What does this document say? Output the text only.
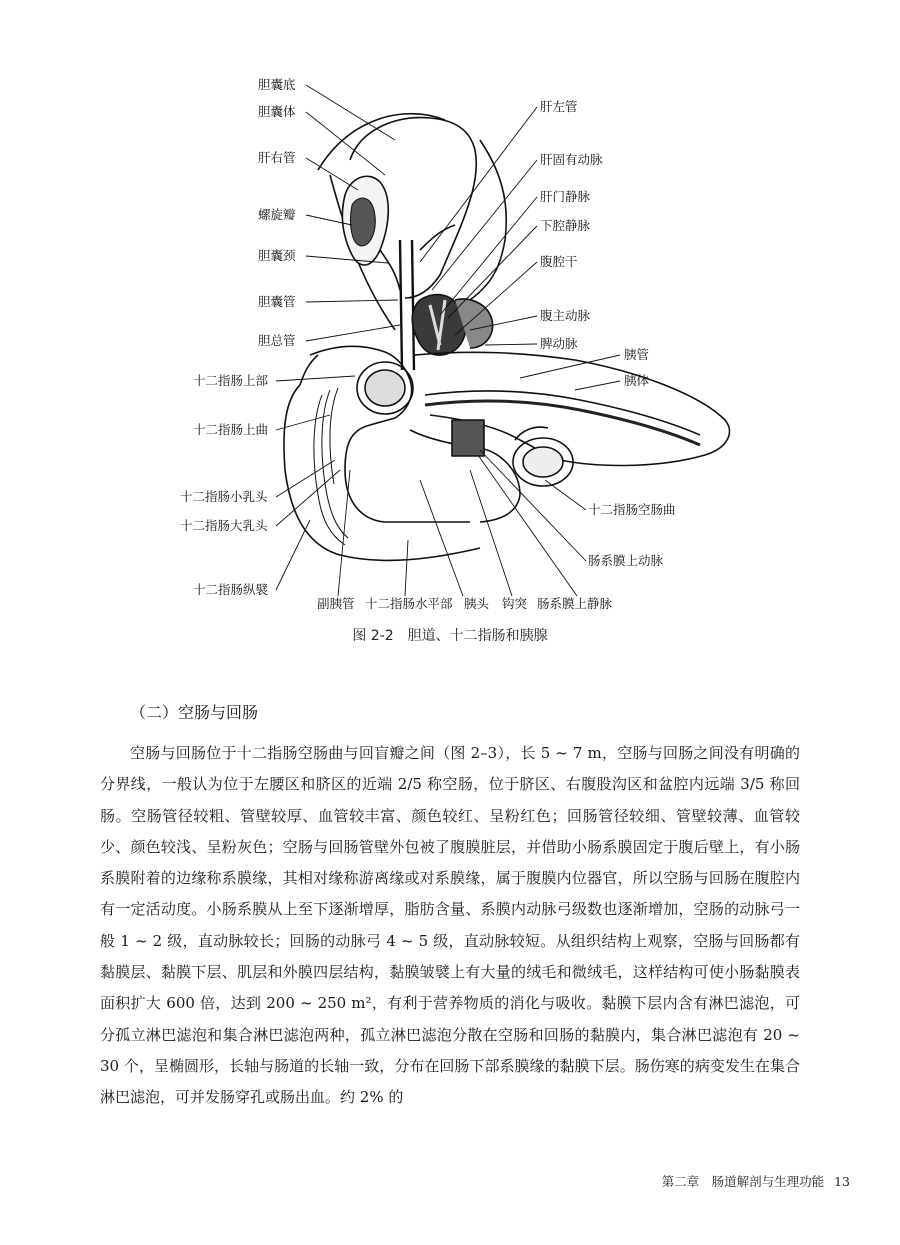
胆囊底
胆囊体
肝右管
螺旋瓣
胆囊颈
胆囊管
胆总管
十二指肠上部
十二指肠上曲
十二指肠小乳头
十二指肠大乳头
十二指肠纵襞
肝左管
肝固有动脉
肝门静脉
下腔静脉
腹腔干
腹主动脉
脾动脉
胰管
胰体
十二指肠空肠曲
肠系膜上动脉
副胰管 十二指肠水平部 胰头 钩突 肠系膜上静脉
图 2-2　胆道、十二指肠和胰腺
（二）空肠与回肠

空肠与回肠位于十二指肠空肠曲与回盲瓣之间（图 2–3），长 5 ~ 7 m，空肠与回肠之间没有明确的分界线，一般认为位于左腰区和脐区的近端 2/5 称空肠，位于脐区、右腹股沟区和盆腔内远端 3/5 称回肠。空肠管径较粗、管壁较厚、血管较丰富、颜色较红、呈粉红色；回肠管径较细、管壁较薄、血管较少、颜色较浅、呈粉灰色；空肠与回肠管壁外包被了腹膜脏层，并借助小肠系膜固定于腹后壁上，有小肠系膜附着的边缘称系膜缘，其相对缘称游离缘或对系膜缘，属于腹膜内位器官，所以空肠与回肠在腹腔内有一定活动度。小肠系膜从上至下逐渐增厚，脂肪含量、系膜内动脉弓级数也逐渐增加，空肠的动脉弓一般 1 ~ 2 级，直动脉较长；回肠的动脉弓 4 ~ 5 级，直动脉较短。从组织结构上观察，空肠与回肠都有黏膜层、黏膜下层、肌层和外膜四层结构，黏膜皱襞上有大量的绒毛和微绒毛，这样结构可使小肠黏膜表面积扩大 600 倍，达到 200 ~ 250 m²，有利于营养物质的消化与吸收。黏膜下层内含有淋巴滤泡，可分孤立淋巴滤泡和集合淋巴滤泡两种，孤立淋巴滤泡分散在空肠和回肠的黏膜内，集合淋巴滤泡有 20 ~ 30 个，呈椭圆形，长轴与肠道的长轴一致，分布在回肠下部系膜缘的黏膜下层。肠伤寒的病变发生在集合淋巴滤泡，可并发肠穿孔或肠出血。约 2% 的

第二章　肠道解剖与生理功能 13
